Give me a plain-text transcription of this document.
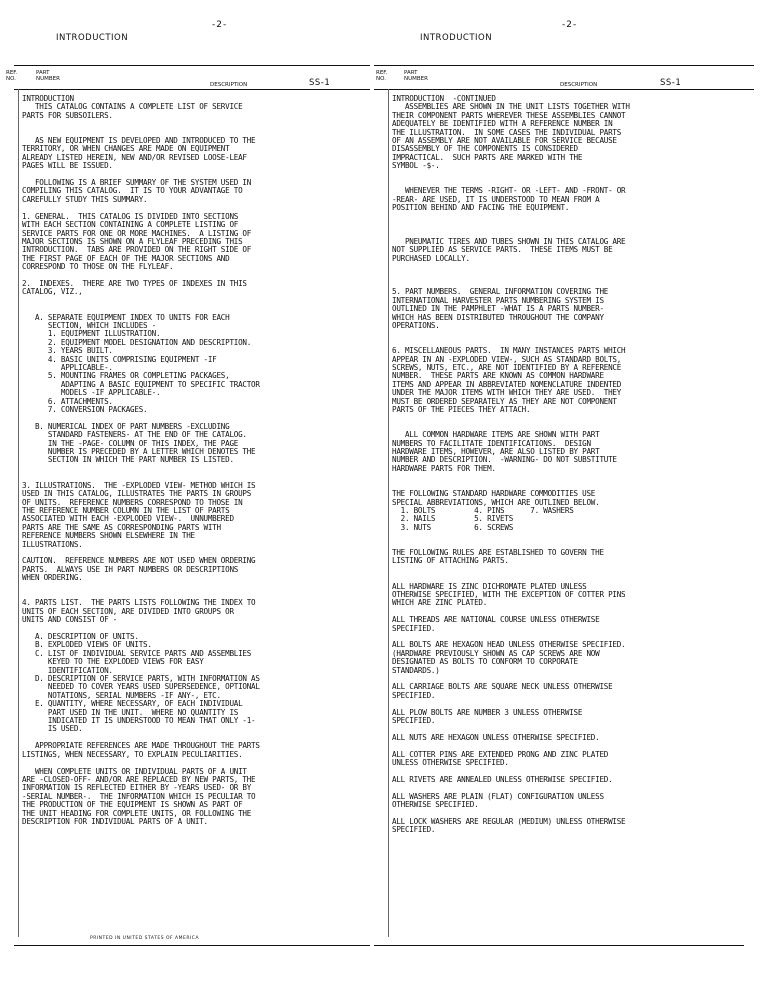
-2-
INTRODUCTION
REF.
NO.
PART
NUMBER
DESCRIPTION	SS-1
INTRODUCTION
THIS CATALOG CONTAINS A COMPLETE LIST OF SERVICE
PARTS FOR SUBSOILERS.

AS NEW EQUIPMENT IS DEVELOPED AND INTRODUCED TO THE
TERRITORY, OR WHEN CHANGES ARE MADE ON EQUIPMENT
ALREADY LISTED HEREIN, NEW AND/OR REVISED LOOSE-LEAF
PAGES WILL BE ISSUED.

FOLLOWING IS A BRIEF SUMMARY OF THE SYSTEM USED IN
COMPILING THIS CATALOG.  IT IS TO YOUR ADVANTAGE TO
CAREFULLY STUDY THIS SUMMARY.

1. GENERAL.  THIS CATALOG IS DIVIDED INTO SECTIONS
WITH EACH SECTION CONTAINING A COMPLETE LISTING OF
SERVICE PARTS FOR ONE OR MORE MACHINES.  A LISTING OF
MAJOR SECTIONS IS SHOWN ON A FLYLEAF PRECEDING THIS
INTRODUCTION.  TABS ARE PROVIDED ON THE RIGHT SIDE OF
THE FIRST PAGE OF EACH OF THE MAJOR SECTIONS AND
CORRESPOND TO THOSE ON THE FLYLEAF.

2.  INDEXES.  THERE ARE TWO TYPES OF INDEXES IN THIS
CATALOG, VIZ.,

A. SEPARATE EQUIPMENT INDEX TO UNITS FOR EACH
SECTION, WHICH INCLUDES -
1. EQUIPMENT ILLUSTRATION.
2. EQUIPMENT MODEL DESIGNATION AND DESCRIPTION.
3. YEARS BUILT.
4. BASIC UNITS COMPRISING EQUIPMENT -IF
APPLICABLE-.
5. MOUNTING FRAMES OR COMPLETING PACKAGES,
ADAPTING A BASIC EQUIPMENT TO SPECIFIC TRACTOR
MODELS -IF APPLICABLE-.
6. ATTACHMENTS.
7. CONVERSION PACKAGES.

B. NUMERICAL INDEX OF PART NUMBERS -EXCLUDING
STANDARD FASTENERS- AT THE END OF THE CATALOG.
IN THE -PAGE- COLUMN OF THIS INDEX, THE PAGE
NUMBER IS PRECEDED BY A LETTER WHICH DENOTES THE
SECTION IN WHICH THE PART NUMBER IS LISTED.

3. ILLUSTRATIONS.  THE -EXPLODED VIEW- METHOD WHICH IS
USED IN THIS CATALOG, ILLUSTRATES THE PARTS IN GROUPS
OF UNITS.  REFERENCE NUMBERS CORRESPOND TO THOSE IN
THE REFERENCE NUMBER COLUMN IN THE LIST OF PARTS
ASSOCIATED WITH EACH -EXPLODED VIEW-.  UNNUMBERED
PARTS ARE THE SAME AS CORRESPONDING PARTS WITH
REFERENCE NUMBERS SHOWN ELSEWHERE IN THE
ILLUSTRATIONS.

CAUTION.  REFERENCE NUMBERS ARE NOT USED WHEN ORDERING
PARTS.  ALWAYS USE IH PART NUMBERS OR DESCRIPTIONS
WHEN ORDERING.

4. PARTS LIST.  THE PARTS LISTS FOLLOWING THE INDEX TO
UNITS OF EACH SECTION, ARE DIVIDED INTO GROUPS OR
UNITS AND CONSIST OF -

A. DESCRIPTION OF UNITS.
B. EXPLODED VIEWS OF UNITS.
C. LIST OF INDIVIDUAL SERVICE PARTS AND ASSEMBLIES
KEYED TO THE EXPLODED VIEWS FOR EASY
IDENTIFICATION.
D. DESCRIPTION OF SERVICE PARTS, WITH INFORMATION AS
NEEDED TO COVER YEARS USED SUPERSEDENCE, OPTIONAL
NOTATIONS, SERIAL NUMBERS -IF ANY-, ETC.
E. QUANTITY, WHERE NECESSARY, OF EACH INDIVIDUAL
PART USED IN THE UNIT.  WHERE NO QUANTITY IS
INDICATED IT IS UNDERSTOOD TO MEAN THAT ONLY -1-
IS USED.

APPROPRIATE REFERENCES ARE MADE THROUGHOUT THE PARTS
LISTINGS, WHEN NECESSARY, TO EXPLAIN PECULIARITIES.

WHEN COMPLETE UNITS OR INDIVIDUAL PARTS OF A UNIT
ARE -CLOSED-OFF- AND/OR ARE REPLACED BY NEW PARTS, THE
INFORMATION IS REFLECTED EITHER BY -YEARS USED- OR BY
-SERIAL NUMBER-.  THE INFORMATION WHICH IS PECULIAR TO
THE PRODUCTION OF THE EQUIPMENT IS SHOWN AS PART OF
THE UNIT HEADING FOR COMPLETE UNITS, OR FOLLOWING THE
DESCRIPTION FOR INDIVIDUAL PARTS OF A UNIT.
PRINTED IN UNITED STATES OF AMERICA
-2-
INTRODUCTION
REF.
NO.
PART
NUMBER
DESCRIPTION	SS-1
INTRODUCTION  -CONTINUED
ASSEMBLIES ARE SHOWN IN THE UNIT LISTS TOGETHER WITH
THEIR COMPONENT PARTS WHEREVER THESE ASSEMBLIES CANNOT
ADEQUATELY BE IDENTIFIED WITH A REFERENCE NUMBER IN
THE ILLUSTRATION.  IN SOME CASES THE INDIVIDUAL PARTS
OF AN ASSEMBLY ARE NOT AVAILABLE FOR SERVICE BECAUSE
DISASSEMBLY OF THE COMPONENTS IS CONSIDERED
IMPRACTICAL.  SUCH PARTS ARE MARKED WITH THE
SYMBOL -$-.

WHENEVER THE TERMS -RIGHT- OR -LEFT- AND -FRONT- OR
-REAR- ARE USED, IT IS UNDERSTOOD TO MEAN FROM A
POSITION BEHIND AND FACING THE EQUIPMENT.

PNEUMATIC TIRES AND TUBES SHOWN IN THIS CATALOG ARE
NOT SUPPLIED AS SERVICE PARTS.  THESE ITEMS MUST BE
PURCHASED LOCALLY.

5. PART NUMBERS.  GENERAL INFORMATION COVERING THE
INTERNATIONAL HARVESTER PARTS NUMBERING SYSTEM IS
OUTLINED IN THE PAMPHLET -WHAT IS A PARTS NUMBER-
WHICH HAS BEEN DISTRIBUTED THROUGHOUT THE COMPANY
OPERATIONS.

6. MISCELLANEOUS PARTS.  IN MANY INSTANCES PARTS WHICH
APPEAR IN AN -EXPLODED VIEW-, SUCH AS STANDARD BOLTS,
SCREWS, NUTS, ETC., ARE NOT IDENTIFIED BY A REFERENCE
NUMBER.  THESE PARTS ARE KNOWN AS COMMON HARDWARE
ITEMS AND APPEAR IN ABBREVIATED NOMENCLATURE INDENTED
UNDER THE MAJOR ITEMS WITH WHICH THEY ARE USED.  THEY
MUST BE ORDERED SEPARATELY AS THEY ARE NOT COMPONENT
PARTS OF THE PIECES THEY ATTACH.

ALL COMMON HARDWARE ITEMS ARE SHOWN WITH PART
NUMBERS TO FACILITATE IDENTIFICATIONS.  DESIGN
HARDWARE ITEMS, HOWEVER, ARE ALSO LISTED BY PART
NUMBER AND DESCRIPTION.  -WARNING- DO NOT SUBSTITUTE
HARDWARE PARTS FOR THEM.

THE FOLLOWING STANDARD HARDWARE COMMODITIES USE
SPECIAL ABBREVIATIONS, WHICH ARE OUTLINED BELOW.
1. BOLTS         4. PINS      7. WASHERS
2. NAILS         5. RIVETS
3. NUTS          6. SCREWS

THE FOLLOWING RULES ARE ESTABLISHED TO GOVERN THE
LISTING OF ATTACHING PARTS.

ALL HARDWARE IS ZINC DICHROMATE PLATED UNLESS
OTHERWISE SPECIFIED, WITH THE EXCEPTION OF COTTER PINS
WHICH ARE ZINC PLATED.

ALL THREADS ARE NATIONAL COURSE UNLESS OTHERWISE
SPECIFIED.

ALL BOLTS ARE HEXAGON HEAD UNLESS OTHERWISE SPECIFIED.
(HARDWARE PREVIOUSLY SHOWN AS CAP SCREWS ARE NOW
DESIGNATED AS BOLTS TO CONFORM TO CORPORATE
STANDARDS.)

ALL CARRIAGE BOLTS ARE SQUARE NECK UNLESS OTHERWISE
SPECIFIED.

ALL PLOW BOLTS ARE NUMBER 3 UNLESS OTHERWISE
SPECIFIED.

ALL NUTS ARE HEXAGON UNLESS OTHERWISE SPECIFIED.

ALL COTTER PINS ARE EXTENDED PRONG AND ZINC PLATED
UNLESS OTHERWISE SPECIFIED.

ALL RIVETS ARE ANNEALED UNLESS OTHERWISE SPECIFIED.

ALL WASHERS ARE PLAIN (FLAT) CONFIGURATION UNLESS
OTHERWISE SPECIFIED.

ALL LOCK WASHERS ARE REGULAR (MEDIUM) UNLESS OTHERWISE
SPECIFIED.
